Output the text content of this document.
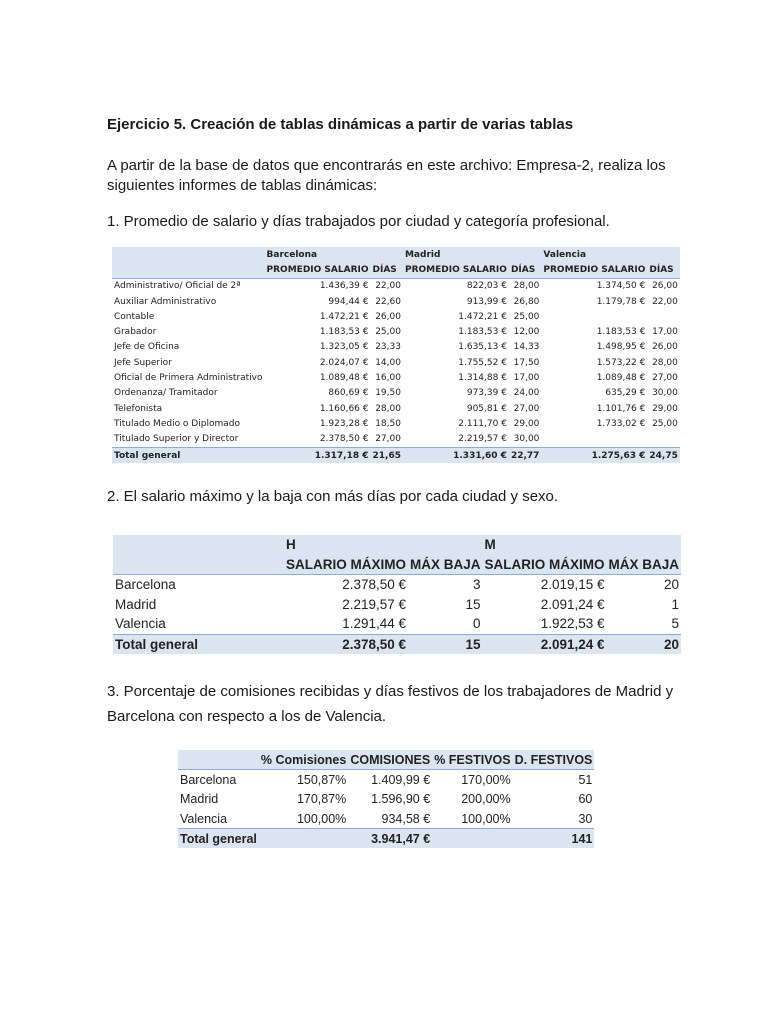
Ejercicio 5. Creación de tablas dinámicas a partir de varias tablas
A partir de la base de datos que encontrarás en este archivo: Empresa-2, realiza los siguientes informes de tablas dinámicas:
1. Promedio de salario y días trabajados por ciudad y categoría profesional.
	Barcelona		Madrid		Valencia	
	PROMEDIO SALARIO	DÍAS	PROMEDIO SALARIO	DÍAS	PROMEDIO SALARIO	DÍAS
Administrativo/ Oficial de 2ª	1.436,39 €	22,00	822,03 €	28,00	1.374,50 €	26,00
Auxiliar Administrativo	994,44 €	22,60	913,99 €	26,80	1.179,78 €	22,00
Contable	1.472,21 €	26,00	1.472,21 €	25,00		
Grabador	1.183,53 €	25,00	1.183,53 €	12,00	1.183,53 €	17,00
Jefe de Oficina	1.323,05 €	23,33	1.635,13 €	14,33	1.498,95 €	26,00
Jefe Superior	2.024,07 €	14,00	1.755,52 €	17,50	1.573,22 €	28,00
Oficial de Primera Administrativo	1.089,48 €	16,00	1.314,88 €	17,00	1.089,48 €	27,00
Ordenanza/ Tramitador	860,69 €	19,50	973,39 €	24,00	635,29 €	30,00
Telefonista	1.160,66 €	28,00	905,81 €	27,00	1.101,76 €	29,00
Titulado Medio o Diplomado	1.923,28 €	18,50	2.111,70 €	29,00	1.733,02 €	25,00
Titulado Superior y Director	2.378,50 €	27,00	2.219,57 €	30,00		
Total general	1.317,18 €	21,65	1.331,60 €	22,77	1.275,63 €	24,75
2. El salario máximo y la baja con más días por cada ciudad y sexo.
	H		M	
	SALARIO MÁXIMO	MÁX BAJA	SALARIO MÁXIMO	MÁX BAJA
Barcelona	2.378,50 €	3	2.019,15 €	20
Madrid	2.219,57 €	15	2.091,24 €	1
Valencia	1.291,44 €	0	1.922,53 €	5
Total general	2.378,50 €	15	2.091,24 €	20
3. Porcentaje de comisiones recibidas y días festivos de los trabajadores de Madrid y Barcelona con respecto a los de Valencia.
	% Comisiones	COMISIONES	% FESTIVOS	D. FESTIVOS
Barcelona	150,87%	1.409,99 €	170,00%	51
Madrid	170,87%	1.596,90 €	200,00%	60
Valencia	100,00%	934,58 €	100,00%	30
Total general		3.941,47 €		141
